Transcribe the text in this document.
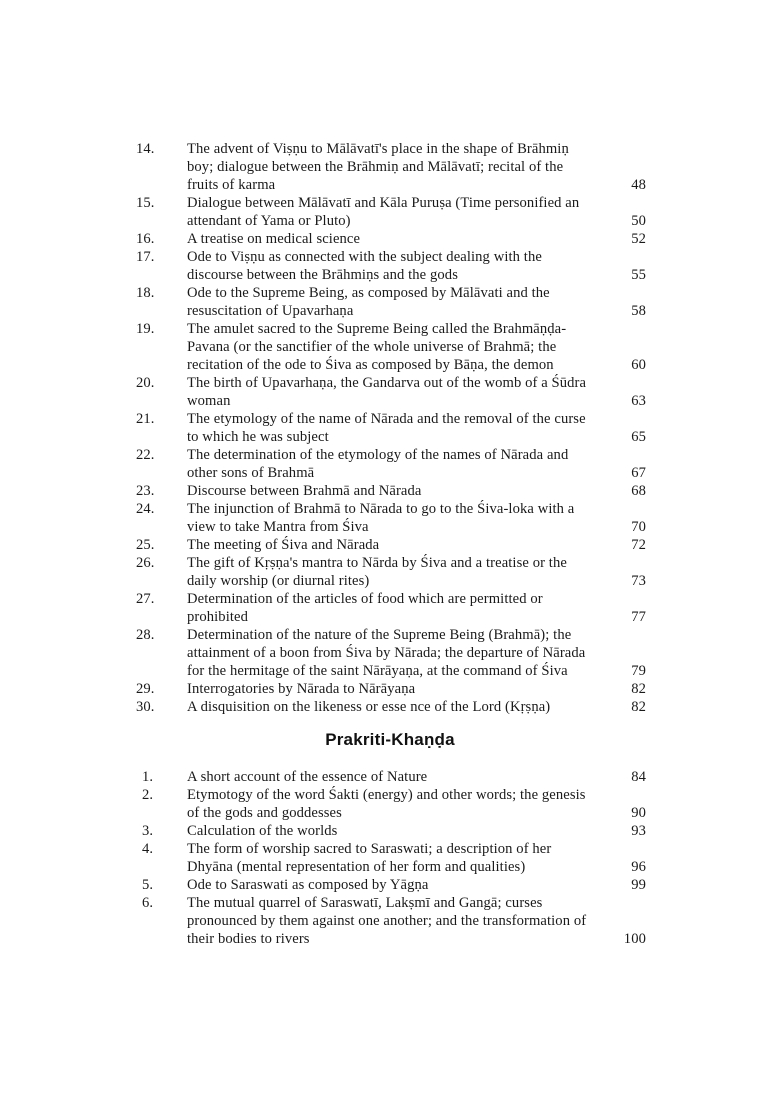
14.	The advent of Viṣṇu to Mālāvatī's place in the shape of Brāhmiṇ boy; dialogue between the Brāhmiṇ and Mālāvatī; recital of the fruits of karma	48
15.	Dialogue between Mālāvatī and Kāla Puruṣa (Time personified an attendant of Yama or Pluto)	50
16.	A treatise on medical science	52
17.	Ode to Viṣṇu as connected with the subject dealing with the discourse between the Brāhmiṇs and the gods	55
18.	Ode to the Supreme Being, as composed by Mālāvati and the resuscitation of Upavarhaṇa	58
19.	The amulet sacred to the Supreme Being called the Brahmāṇḍa-Pavana (or the sanctifier of the whole universe of Brahmā; the recitation of the ode to Śiva as composed by Bāṇa, the demon	60
20.	The birth of Upavarhaṇa, the Gandarva out of the womb of a Śūdra woman	63
21.	The etymology of the name of Nārada and the removal of the curse to which he was subject	65
22.	The determination of the etymology of the names of Nārada and other sons of Brahmā	67
23.	Discourse between Brahmā and Nārada	68
24.	The injunction of Brahmā to Nārada to go to the Śiva-loka with a view to take Mantra from Śiva	70
25.	The meeting of Śiva and Nārada	72
26.	The gift of Kṛṣṇa's mantra to Nārda by Śiva and a treatise or the daily worship (or diurnal rites)	73
27.	Determination of the articles of food which are permitted or prohibited	77
28.	Determination of the nature of the Supreme Being (Brahmā); the attainment of a boon from Śiva by Nārada; the departure of Nārada for the hermitage of the saint Nārāyaṇa, at the command of Śiva	79
29.	Interrogatories by Nārada to Nārāyaṇa	82
30.	A disquisition on the likeness or esse nce of the Lord (Kṛṣṇa)	82
Prakriti-Khaṇḍa
1.	A short account of the essence of Nature	84
2.	Etymotogy of the word Śakti (energy) and other words; the genesis of the gods and goddesses	90
3.	Calculation of the worlds	93
4.	The form of worship sacred to Saraswati; a description of her Dhyāna (mental representation of her form and qualities)	96
5.	Ode to Saraswati as composed by Yāgṇa	99
6.	The mutual quarrel of Saraswatī, Lakṣmī and Gangā; curses pronounced by them against one another; and the transformation of their bodies to rivers	100
